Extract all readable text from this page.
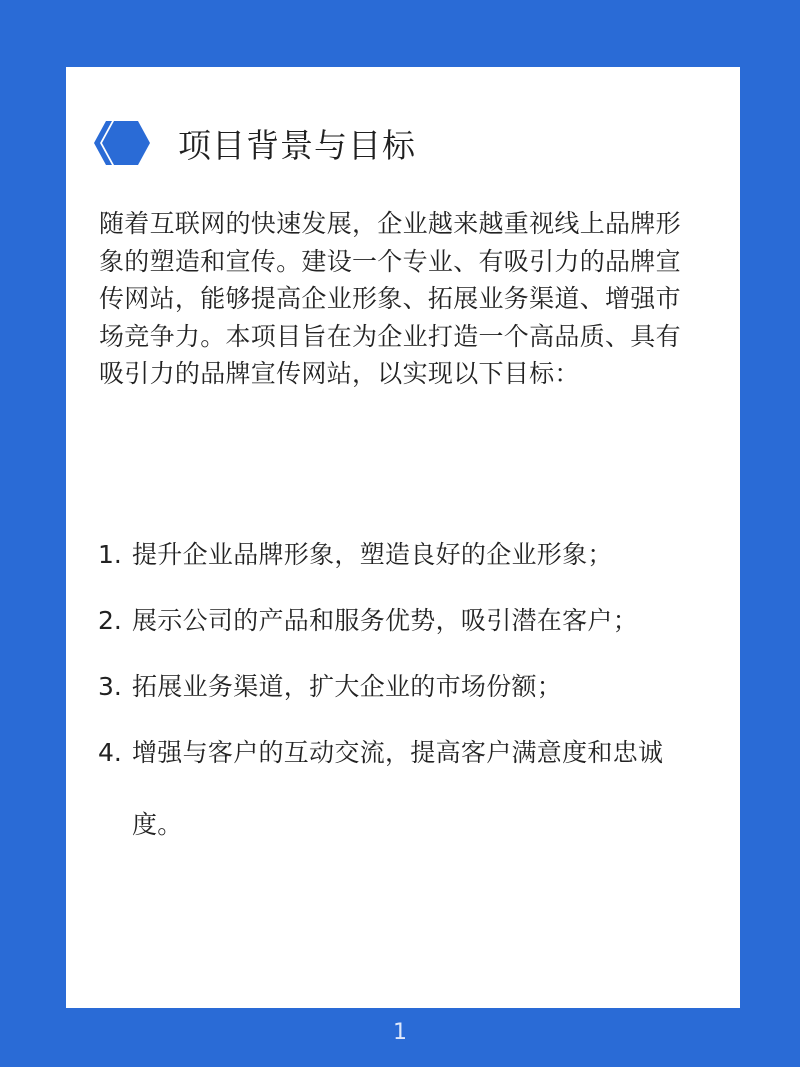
项目背景与目标
随着互联网的快速发展，企业越来越重视线上品牌形象的塑造和宣传。建设一个专业、有吸引力的品牌宣传网站，能够提高企业形象、拓展业务渠道、增强市场竞争力。本项目旨在为企业打造一个高品质、具有吸引力的品牌宣传网站，以实现以下目标：
1. 提升企业品牌形象，塑造良好的企业形象；
2. 展示公司的产品和服务优势，吸引潜在客户；
3. 拓展业务渠道，扩大企业的市场份额；
4. 增强与客户的互动交流，提高客户满意度和忠诚度。
1
